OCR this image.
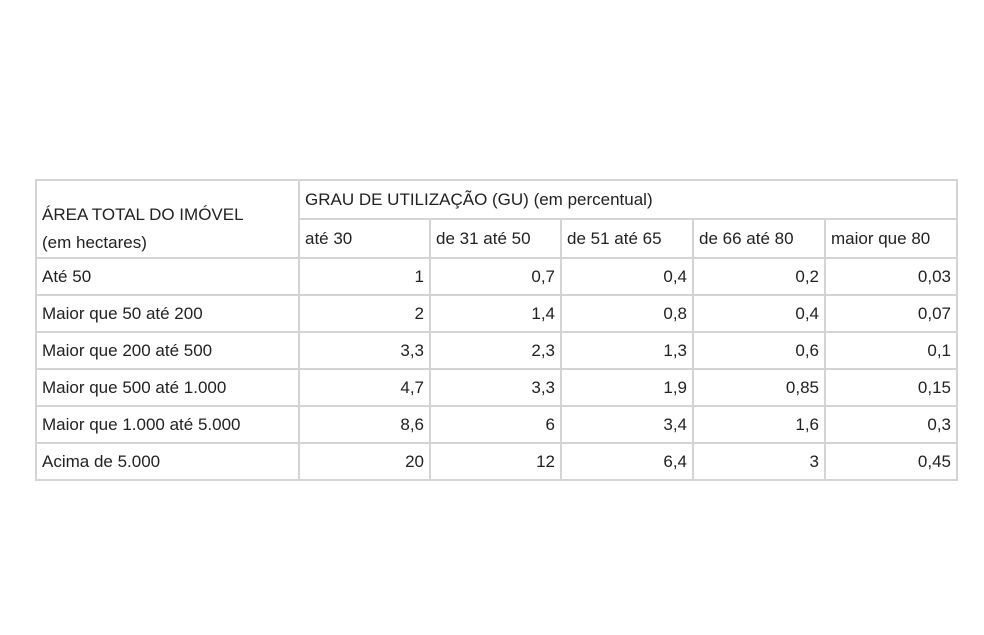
ÁREA TOTAL DO IMÓVEL
(em hectares)	GRAU DE UTILIZAÇÃO (GU) (em percentual)				
	até 30	de 31 até 50	de 51 até 65	de 66 até 80	maior que 80
Até 50	1	0,7	0,4	0,2	0,03
Maior que 50 até 200	2	1,4	0,8	0,4	0,07
Maior que 200 até 500	3,3	2,3	1,3	0,6	0,1
Maior que 500 até 1.000	4,7	3,3	1,9	0,85	0,15
Maior que 1.000 até 5.000	8,6	6	3,4	1,6	0,3
Acima de 5.000	20	12	6,4	3	0,45
